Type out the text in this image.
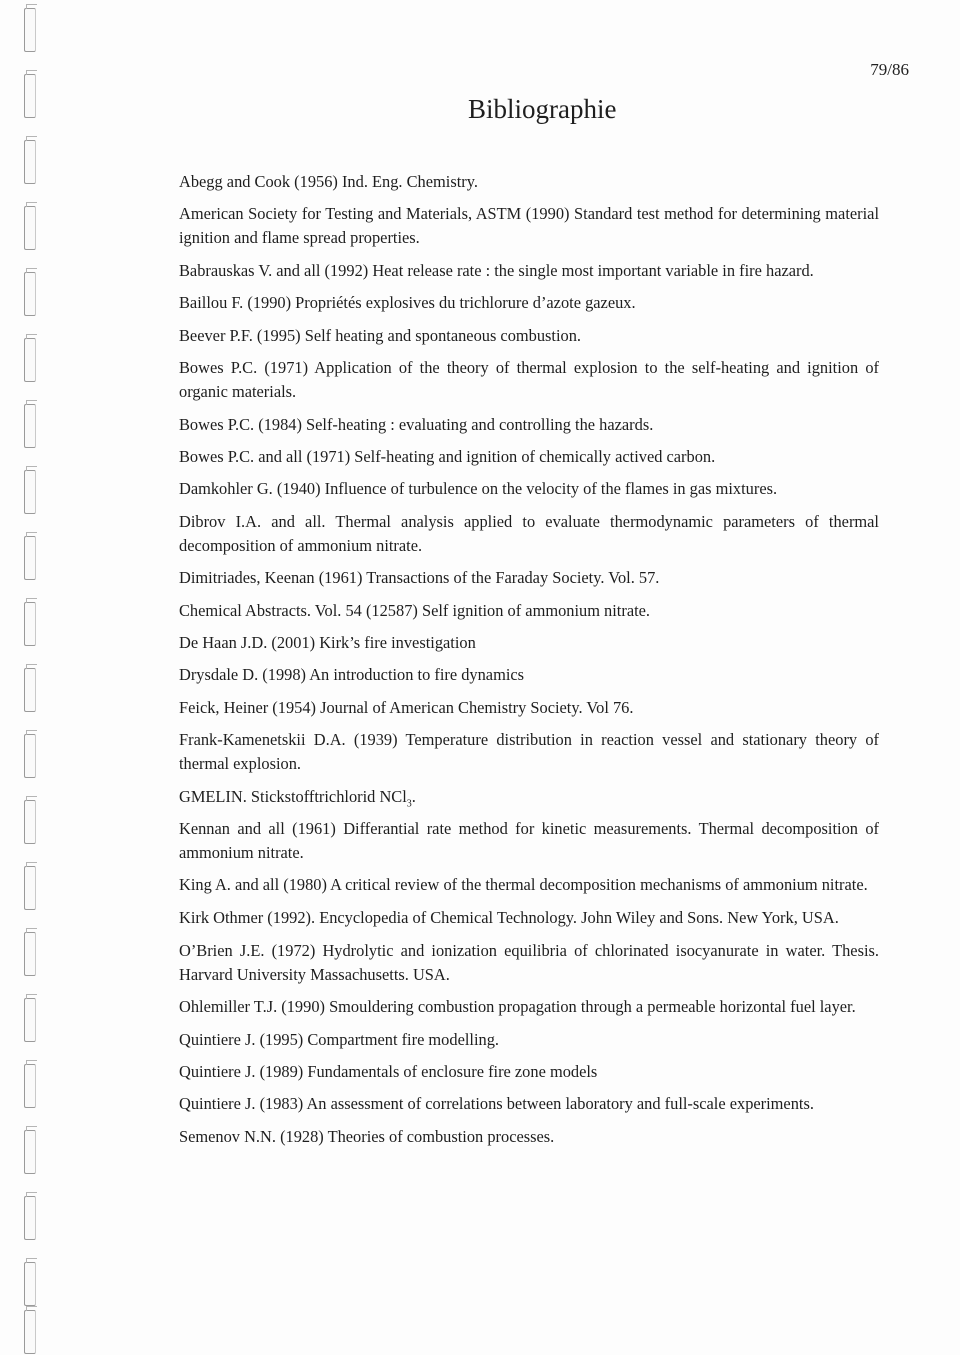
79/86
Bibliographie
Abegg and Cook (1956) Ind. Eng. Chemistry.
American Society for Testing and Materials, ASTM (1990) Standard test method for determining material ignition and flame spread properties.
Babrauskas V. and all (1992) Heat release rate : the single most important variable in fire hazard.
Baillou F. (1990) Propriétés explosives du trichlorure d’azote gazeux.
Beever P.F. (1995) Self heating and spontaneous combustion.
Bowes P.C. (1971) Application of the theory of thermal explosion to the self-heating and ignition of organic materials.
Bowes P.C. (1984) Self-heating : evaluating and controlling the hazards.
Bowes P.C. and all (1971) Self-heating and ignition of chemically actived carbon.
Damkohler G. (1940) Influence of turbulence on the velocity of the flames in gas mixtures.
Dibrov I.A. and all. Thermal analysis applied to evaluate thermodynamic parameters of thermal decomposition of ammonium nitrate.
Dimitriades, Keenan (1961) Transactions of the Faraday Society. Vol. 57.
Chemical Abstracts. Vol. 54 (12587) Self ignition of ammonium nitrate.
De Haan J.D. (2001) Kirk’s fire investigation
Drysdale D. (1998) An introduction to fire dynamics
Feick, Heiner (1954) Journal of American Chemistry Society. Vol 76.
Frank-Kamenetskii D.A. (1939) Temperature distribution in reaction vessel and stationary theory of thermal explosion.
GMELIN. Stickstofftrichlorid NCl$_3$.
Kennan and all (1961) Differantial rate method for kinetic measurements. Thermal decomposition of ammonium nitrate.
King A. and all (1980) A critical review of the thermal decomposition mechanisms of ammonium nitrate.
Kirk Othmer (1992). Encyclopedia of Chemical Technology. John Wiley and Sons. New York, USA.
O’Brien J.E. (1972) Hydrolytic and ionization equilibria of chlorinated isocyanurate in water. Thesis. Harvard University Massachusetts. USA.
Ohlemiller T.J. (1990) Smouldering combustion propagation through a permeable horizontal fuel layer.
Quintiere J. (1995) Compartment fire modelling.
Quintiere J. (1989) Fundamentals of enclosure fire zone models
Quintiere J. (1983) An assessment of correlations between laboratory and full-scale experiments.
Semenov N.N. (1928) Theories of combustion processes.
